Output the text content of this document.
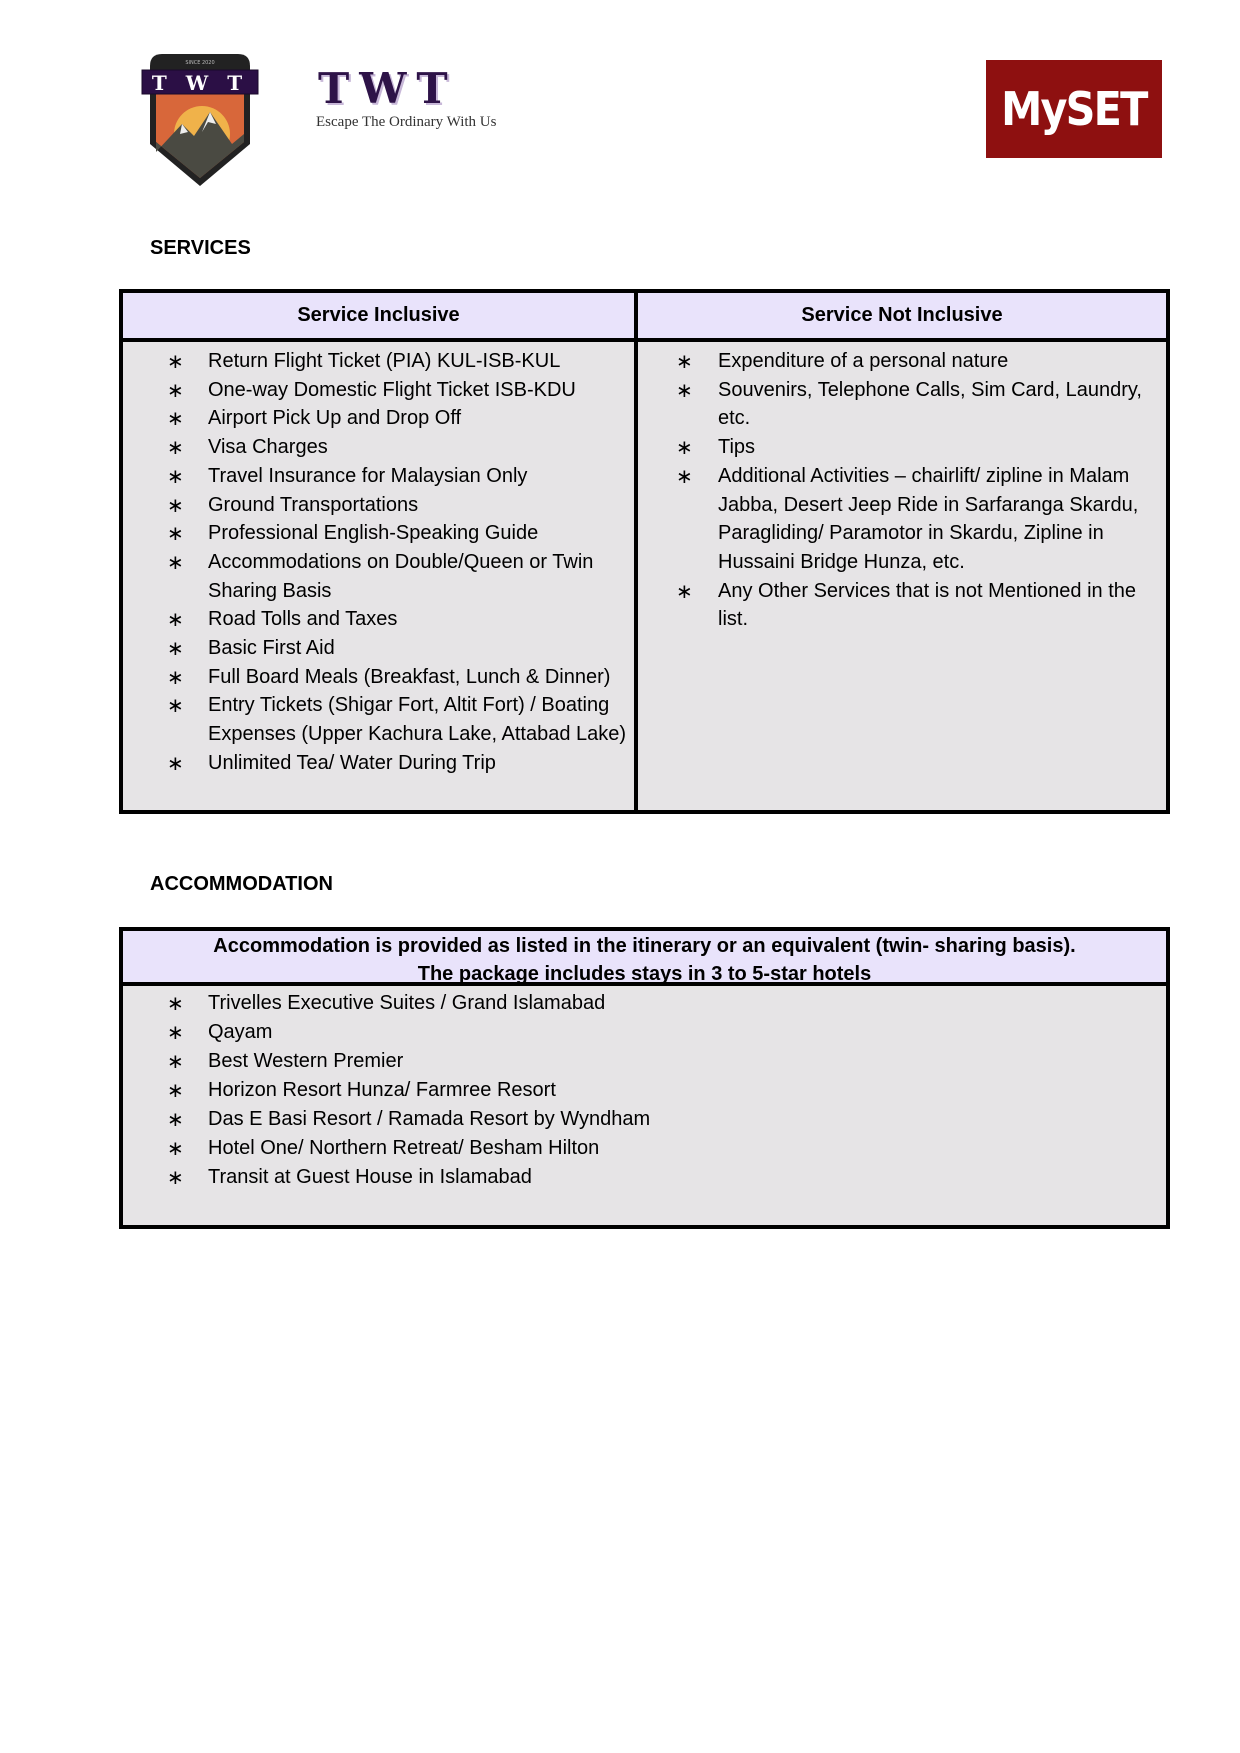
SINCE 2020
T W T TWT
Escape The Ordinary With Us	MySET
SERVICES
Service Inclusive
∗ Return Flight Ticket (PIA) KUL-ISB-KUL
∗ One-way Domestic Flight Ticket ISB-KDU
∗ Airport Pick Up and Drop Off
∗ Visa Charges
∗ Travel Insurance for Malaysian Only
∗ Ground Transportations
∗ Professional English-Speaking Guide
∗ Accommodations on Double/Queen or Twin Sharing Basis
∗ Road Tolls and Taxes
∗ Basic First Aid
∗ Full Board Meals (Breakfast, Lunch & Dinner)
∗ Entry Tickets (Shigar Fort, Altit Fort) / Boating Expenses (Upper Kachura Lake, Attabad Lake)
∗ Unlimited Tea/ Water During Trip
Service Not Inclusive
∗ Expenditure of a personal nature
∗ Souvenirs, Telephone Calls, Sim Card, Laundry, etc.
∗ Tips
∗ Additional Activities – chairlift/ zipline in Malam Jabba, Desert Jeep Ride in Sarfaranga Skardu, Paragliding/ Paramotor in Skardu, Zipline in Hussaini Bridge Hunza, etc.
∗ Any Other Services that is not Mentioned in the list.
ACCOMMODATION
Accommodation is provided as listed in the itinerary or an equivalent (twin- sharing basis).
The package includes stays in 3 to 5-star hotels
∗ Trivelles Executive Suites / Grand Islamabad
∗ Qayam
∗ Best Western Premier
∗ Horizon Resort Hunza/ Farmree Resort
∗ Das E Basi Resort / Ramada Resort by Wyndham
∗ Hotel One/ Northern Retreat/ Besham Hilton
∗ Transit at Guest House in Islamabad
